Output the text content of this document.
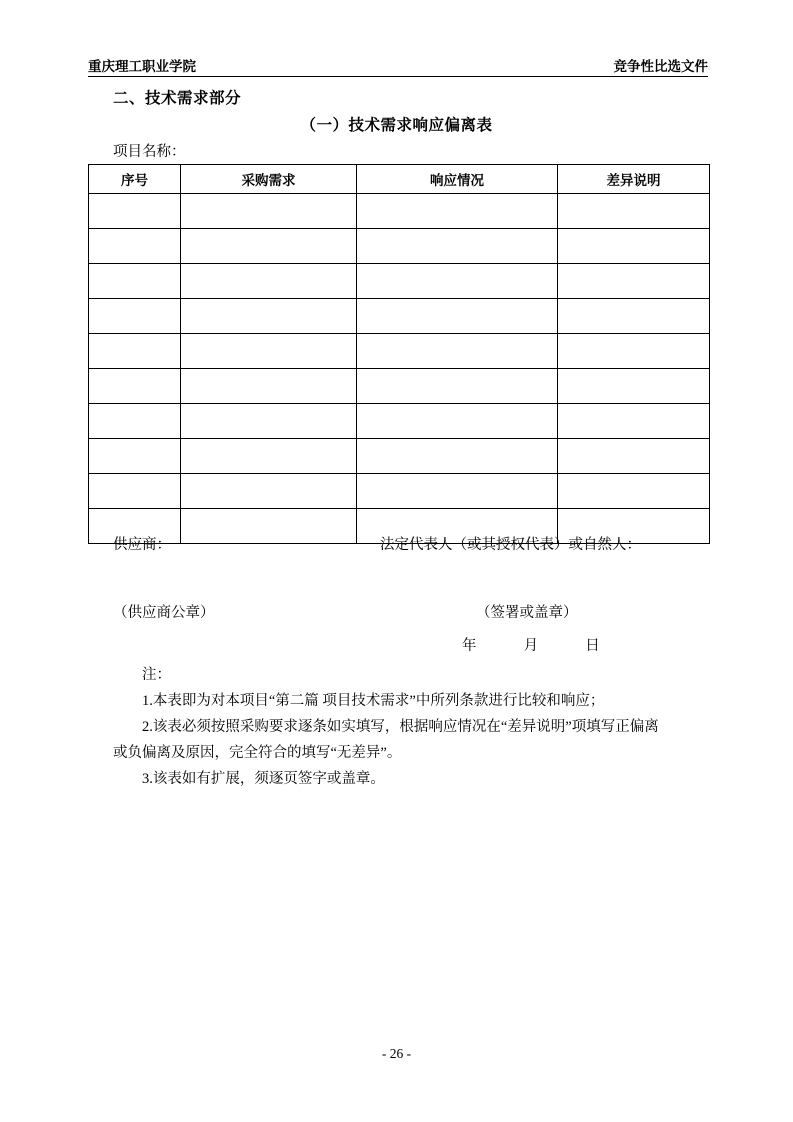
重庆理工职业学院	竞争性比选文件
二、技术需求部分
（一）技术需求响应偏离表
项目名称：
序号	采购需求	响应情况	差异说明

供应商：	法定代表人（或其授权代表）或自然人：
（供应商公章）	（签署或盖章）
年	月	日

注：

1.本表即为对本项目“第二篇 项目技术需求”中所列条款进行比较和响应；

2.该表必须按照采购要求逐条如实填写，根据响应情况在“差异说明”项填写正偏离

或负偏离及原因，完全符合的填写“无差异”。

3.该表如有扩展，须逐页签字或盖章。

- 26 -
